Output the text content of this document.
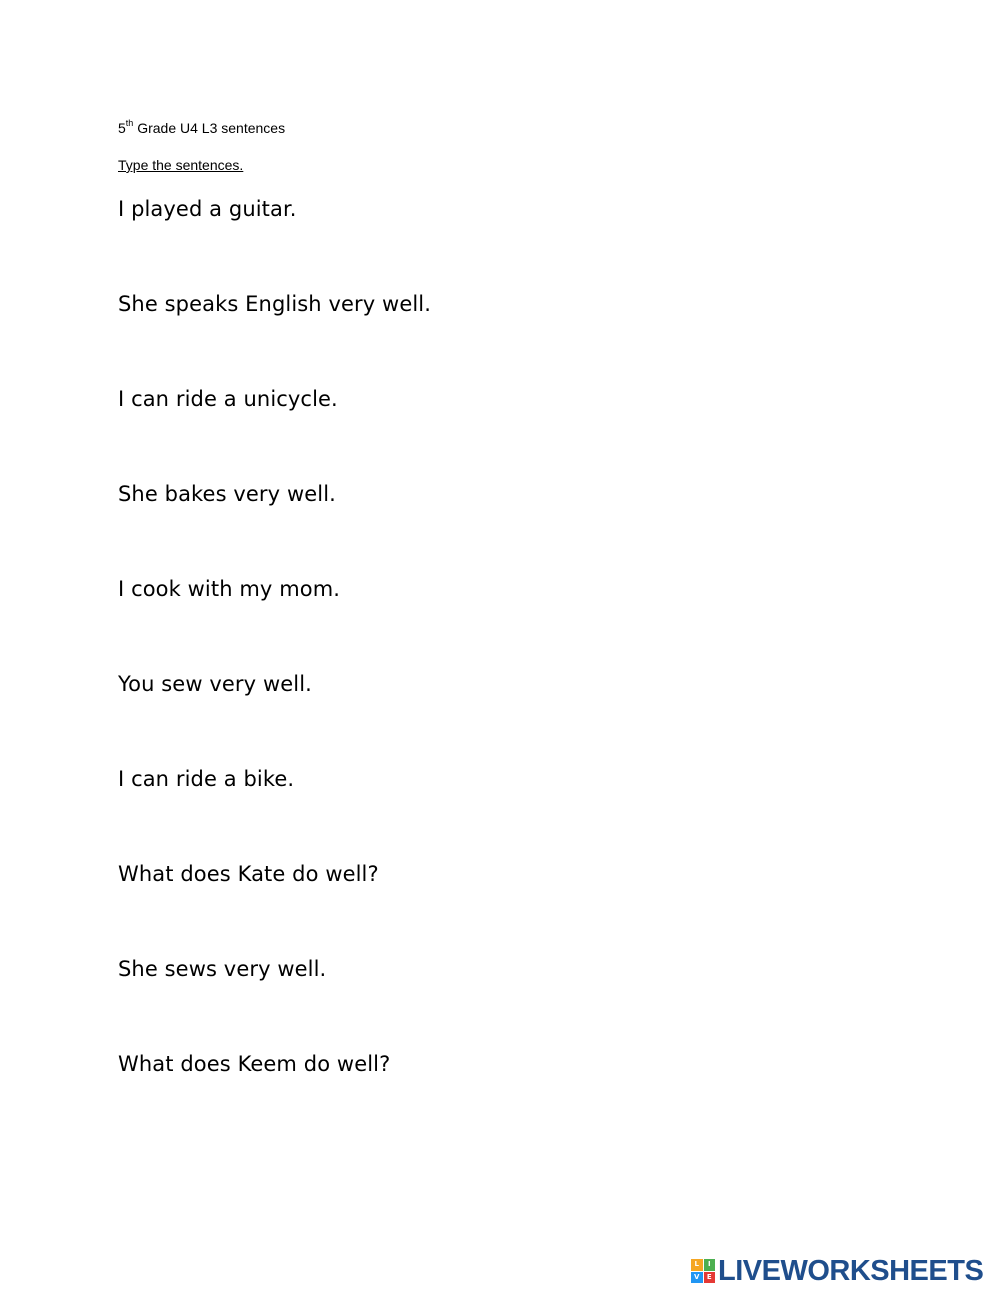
5th Grade U4 L3 sentences
Type the sentences.
I played a guitar.
She speaks English very well.
I can ride a unicycle.
She bakes very well.
I cook with my mom.
You sew very well.
I can ride a bike.
What does Kate do well?
She sews very well.
What does Keem do well?
L	I
V	E LIVEWORKSHEETS
